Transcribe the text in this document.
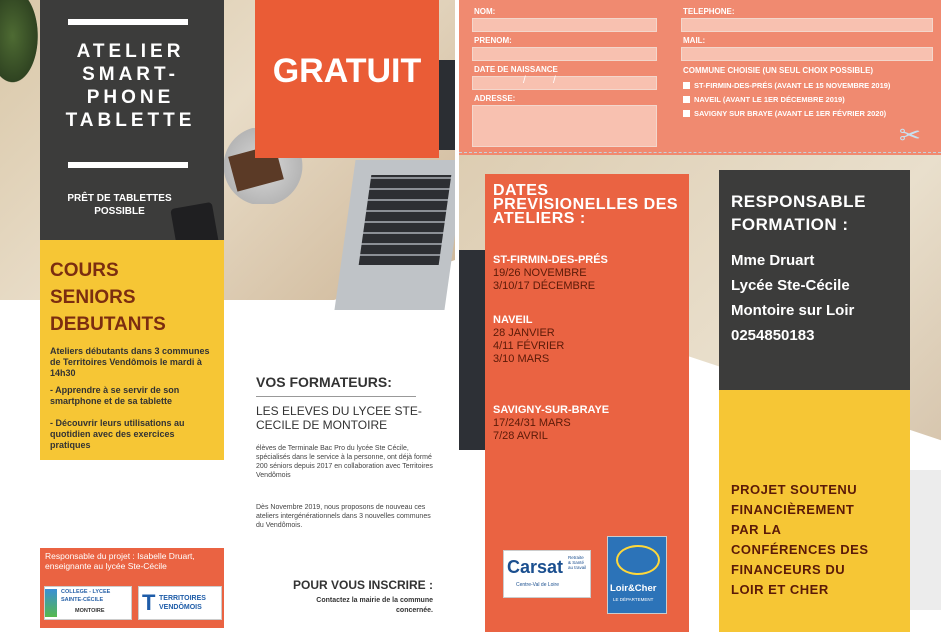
ATELIER
SMART-
PHONE
TABLETTE
PRÊT DE TABLETTES POSSIBLE
GRATUIT
COURS
SENIORS
DEBUTANTS
Ateliers débutants dans 3 communes de Territoires Vendômois le mardi à 14h30
- Apprendre à se servir de son smartphone et de sa tablette
- Découvrir leurs utilisations au quotidien avec des exercices pratiques
VOS FORMATEURS:
LES ELEVES DU LYCEE STE-CECILE DE MONTOIRE
élèves de Terminale Bac Pro du lycée Ste Cécile, spécialisés dans le service à la personne, ont déjà formé 200 séniors depuis 2017 en collaboration avec Territoires Vendômois
Dès Novembre 2019, nous proposons de nouveau ces ateliers intergénérationnels dans 3 nouvelles communes du Vendômois.
POUR VOUS INSCRIRE :
Contactez la mairie de la commune concernée.
Responsable du projet : Isabelle Druart, enseignante au lycée Ste-Cécile
COLLEGE - LYCEE
SAINTE-CÉCILE
MONTOIRE T TERRITOIRES
VENDÔMOIS
NOM:
PRENOM:
DATE DE NAISSANCE
/	/
ADRESSE:
TELEPHONE:
MAIL:
COMMUNE CHOISIE (UN SEUL CHOIX POSSIBLE)
ST-FIRMIN-DES-PRÉS (AVANT LE 15 NOVEMBRE 2019)
NAVEIL (AVANT LE 1ER DÉCEMBRE 2019)
SAVIGNY SUR BRAYE (AVANT LE 1ER FÉVRIER 2020)
✂
DATES PREVISIONELLES DES ATELIERS :
ST-FIRMIN-DES-PRÉS
19/26 NOVEMBRE
3/10/17 DÉCEMBRE
NAVEIL
28 JANVIER
4/11 FÉVRIER
3/10 MARS
SAVIGNY-SUR-BRAYE
17/24/31 MARS
7/28 AVRIL
Carsat Retraite
& Santé
au travail
Centre-Val de Loire	Loir&Cher
LE DÉPARTEMENT
RESPONSABLE
FORMATION :
Mme Druart
Lycée Ste-Cécile
Montoire sur Loir
0254850183
PROJET SOUTENU
FINANCIÈREMENT
PAR LA
CONFÉRENCES DES
FINANCEURS DU
LOIR ET CHER
